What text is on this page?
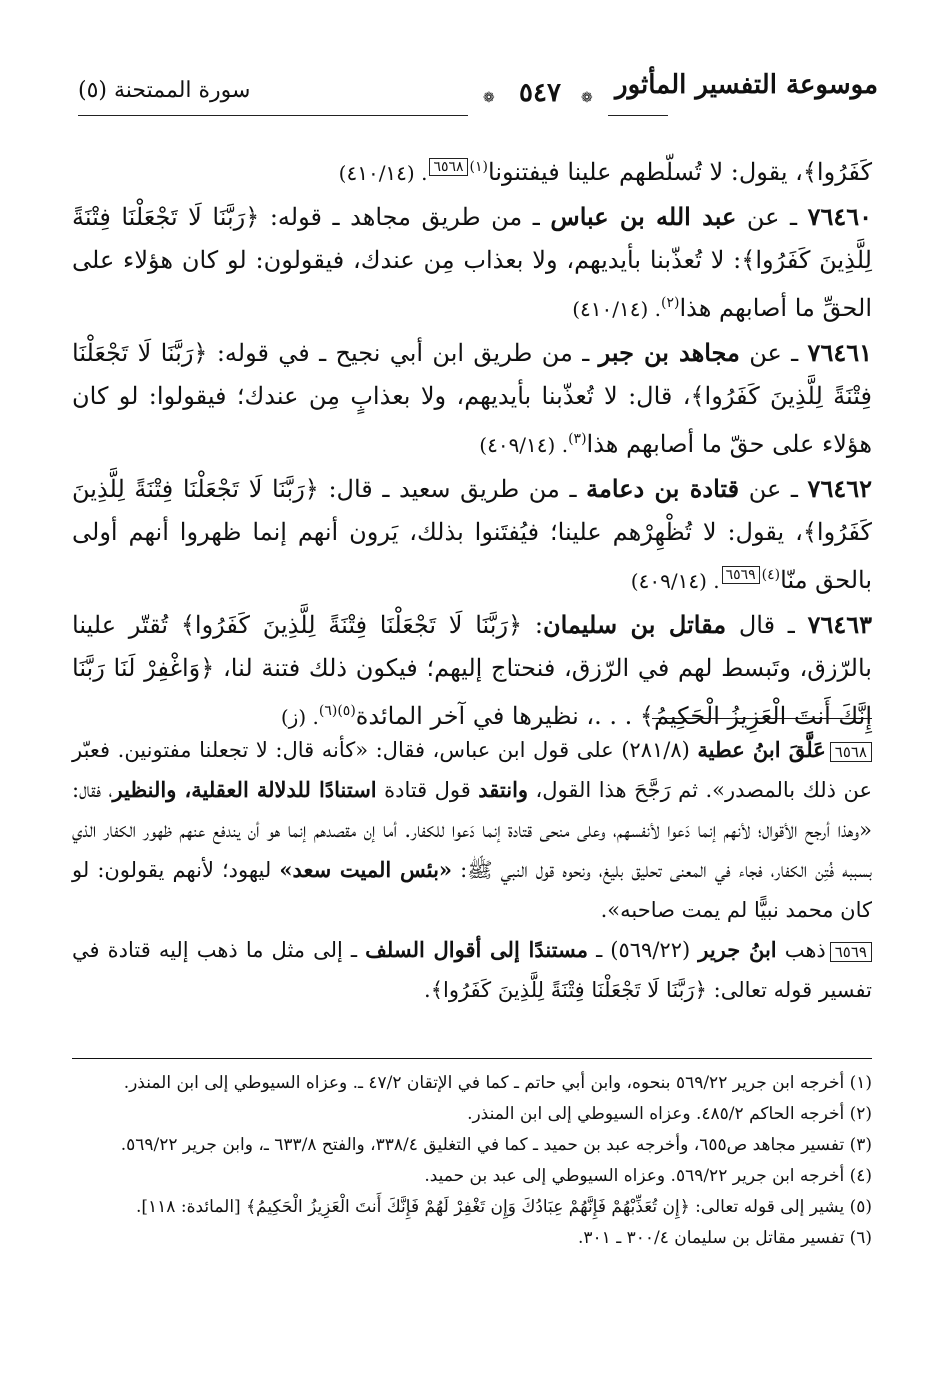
سورة الممتحنة (٥)	❁ ٥٤٧	❁ موسوعة التفسير المأثور

كَفَرُوا﴾، يقول: لا تُسلّطهم علينا فيفتنونا$^{(١)}$٦٥٦٨. (٤١٠/١٤)

٧٦٤٦٠ ـ عن عبد الله بن عباس ـ من طريق مجاهد ـ قوله: ﴿رَبَّنَا لَا تَجْعَلْنَا فِتْنَةً لِلَّذِينَ كَفَرُوا﴾: لا تُعذّبنا بأيديهم، ولا بعذاب مِن عندك، فيقولون: لو كان هؤلاء على الحقِّ ما أصابهم هذا$^{(٢)}$. (٤١٠/١٤)

٧٦٤٦١ ـ عن مجاهد بن جبر ـ من طريق ابن أبي نجيح ـ في قوله: ﴿رَبَّنَا لَا تَجْعَلْنَا فِتْنَةً لِلَّذِينَ كَفَرُوا﴾، قال: لا تُعذّبنا بأيديهم، ولا بعذابٍ مِن عندك؛ فيقولوا: لو كان هؤلاء على حقّ ما أصابهم هذا$^{(٣)}$. (٤٠٩/١٤)

٧٦٤٦٢ ـ عن قتادة بن دعامة ـ من طريق سعيد ـ قال: ﴿رَبَّنَا لَا تَجْعَلْنَا فِتْنَةً لِلَّذِينَ كَفَرُوا﴾، يقول: لا تُظْهِرْهم علينا؛ فيُفتَنوا بذلك، يَرون أنهم إنما ظهروا أنهم أولى بالحق منّا$^{(٤)}$٦٥٦٩. (٤٠٩/١٤)

٧٦٤٦٣ ـ قال مقاتل بن سليمان: ﴿رَبَّنَا لَا تَجْعَلْنَا فِتْنَةً لِلَّذِينَ كَفَرُوا﴾ تُقتّر علينا بالرّزق، وتَبسط لهم في الرّزق، فنحتاج إليهم؛ فيكون ذلك فتنة لنا، ﴿وَاغْفِرْ لَنَا رَبَّنَا إِنَّكَ أَنتَ الْعَزِيزُ الْحَكِيمُ﴾ . . .، نظيرها في آخر المائدة$^{(٥)(٦)}$. (ز)

٦٥٦٨عَلَّقَ ابنُ عطية (٢٨١/٨) على قول ابن عباس، فقال: «كأنه قال: لا تجعلنا مفتونين. فعبّر عن ذلك بالمصدر». ثم رَجَّحَ هذا القول، وانتقد قول قتادة استنادًا للدلالة العقلية، والنظير، فقال: «وهذا أرجح الأقوال؛ لأنهم إنما دَعوا لأنفسهم، وعلى منحى قتادة إنما دَعوا للكفار. أما إن مقصدهم إنما هو أن يندفع عنهم ظهور الكفار الذي بسببه فُتِن الكفار، فجاء في المعنى تحليق بليغ، ونحوه قول النبي ﷺ: «بئس الميت سعد» ليهود؛ لأنهم يقولون: لو كان محمد نبيًّا لم يمت صاحبه».

٦٥٦٩ذهب ابنُ جرير (٥٦٩/٢٢) ـ مستندًا إلى أقوال السلف ـ إلى مثل ما ذهب إليه قتادة في تفسير قوله تعالى: ﴿رَبَّنَا لَا تَجْعَلْنَا فِتْنَةً لِلَّذِينَ كَفَرُوا﴾.

(١) أخرجه ابن جرير ٥٦٩/٢٢ بنحوه، وابن أبي حاتم ـ كما في الإتقان ٤٧/٢ ـ. وعزاه السيوطي إلى ابن المنذر.

(٢) أخرجه الحاكم ٤٨٥/٢. وعزاه السيوطي إلى ابن المنذر.

(٣) تفسير مجاهد ص٦٥٥، وأخرجه عبد بن حميد ـ كما في التغليق ٣٣٨/٤، والفتح ٦٣٣/٨ ـ، وابن جرير ٥٦٩/٢٢.

(٤) أخرجه ابن جرير ٥٦٩/٢٢. وعزاه السيوطي إلى عبد بن حميد.

(٥) يشير إلى قوله تعالى: ﴿إِن تُعَذِّبْهُمْ فَإِنَّهُمْ عِبَادُكَ وَإِن تَغْفِرْ لَهُمْ فَإِنَّكَ أَنتَ الْعَزِيزُ الْحَكِيمُ﴾ [المائدة: ١١٨].

(٦) تفسير مقاتل بن سليمان ٣٠٠/٤ ـ ٣٠١.
